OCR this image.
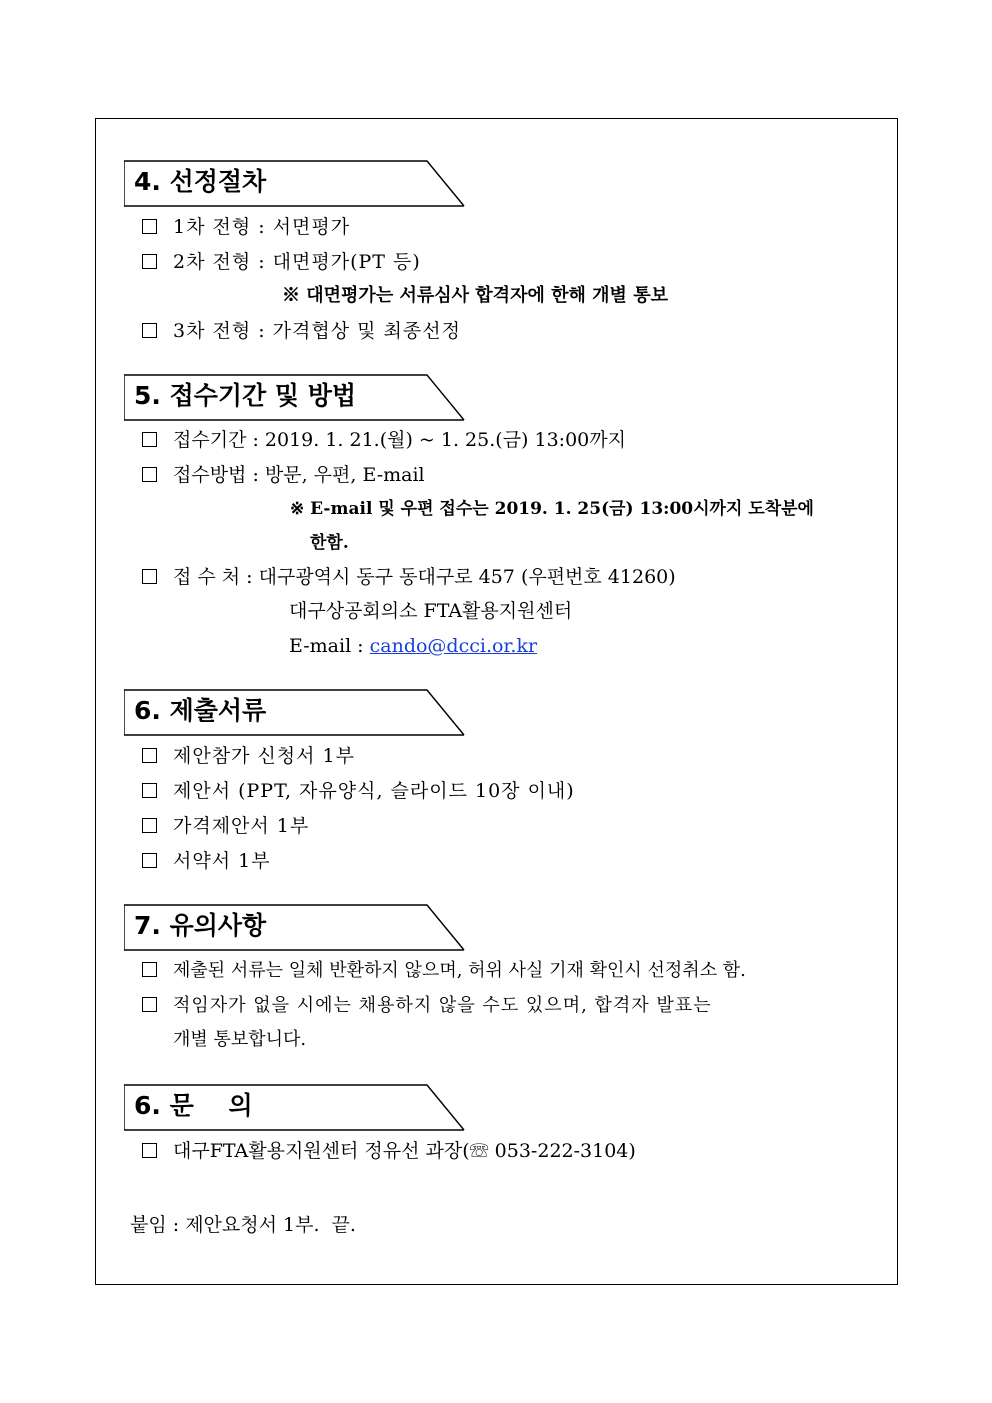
4. 선정절차
1차 전형 : 서면평가
2차 전형 : 대면평가(PT 등)
※ 대면평가는 서류심사 합격자에 한해 개별 통보
3차 전형 : 가격협상 및 최종선정
5. 접수기간 및 방법
접수기간 : 2019. 1. 21.(월) ~ 1. 25.(금) 13:00까지
접수방법 : 방문, 우편, E-mail
※ E-mail 및 우편 접수는 2019. 1. 25(금) 13:00시까지 도착분에
한함.
접 수 처 : 대구광역시 동구 동대구로 457 (우편번호 41260)
대구상공회의소 FTA활용지원센터
E-mail : cando@dcci.or.kr
6. 제출서류
제안참가 신청서 1부
제안서 (PPT, 자유양식, 슬라이드 10장 이내)
가격제안서 1부
서약서 1부
7. 유의사항
제출된 서류는 일체 반환하지 않으며, 허위 사실 기재 확인시 선정취소 함.
적임자가 없을 시에는 채용하지 않을 수도 있으며, 합격자 발표는
개별 통보합니다.
6. 문    의
대구FTA활용지원센터 정유선 과장(☏ 053-222-3104)
붙임 : 제안요청서 1부.  끝.
